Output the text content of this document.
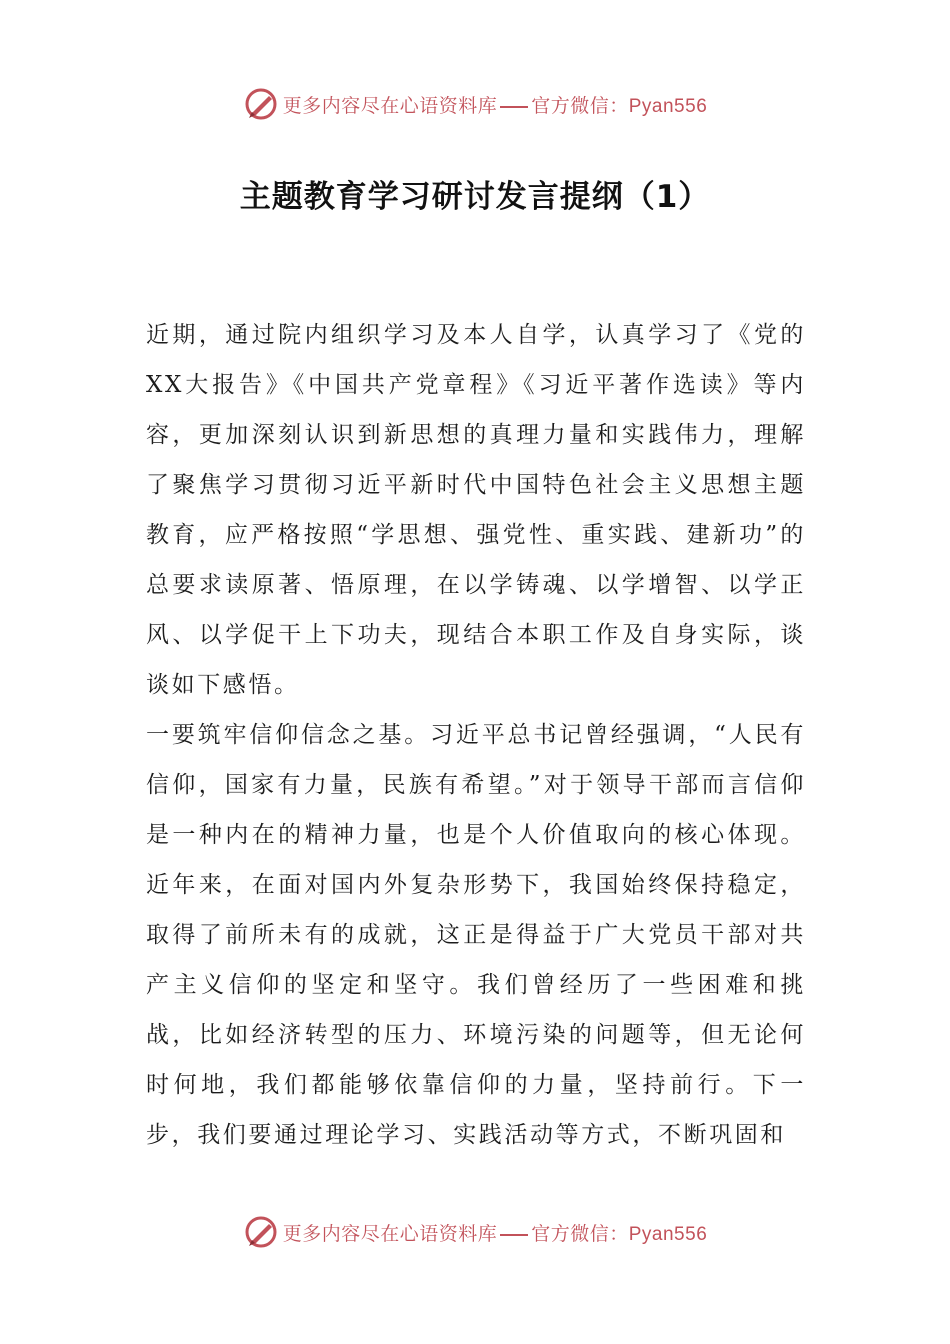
更多内容尽在心语资料库 官方微信：Pyan556
主题教育学习研讨发言提纲（1）

近期，通过院内组织学习及本人自学，认真学习了《党的XX大报告》《中国共产党章程》《习近平著作选读》等内容，更加深刻认识到新思想的真理力量和实践伟力，理解了聚焦学习贯彻习近平新时代中国特色社会主义思想主题教育，应严格按照“学思想、强党性、重实践、建新功”的总要求读原著、悟原理，在以学铸魂、以学增智、以学正风、以学促干上下功夫，现结合本职工作及自身实际，谈谈如下感悟。

一要筑牢信仰信念之基。习近平总书记曾经强调，“人民有信仰，国家有力量，民族有希望。”对于领导干部而言信仰是一种内在的精神力量，也是个人价值取向的核心体现。近年来，在面对国内外复杂形势下，我国始终保持稳定，取得了前所未有的成就，这正是得益于广大党员干部对共产主义信仰的坚定和坚守。我们曾经历了一些困难和挑战，比如经济转型的压力、环境污染的问题等，但无论何时何地，我们都能够依靠信仰的力量，坚持前行。下一步，我们要通过理论学习、实践活动等方式，不断巩固和

更多内容尽在心语资料库 官方微信：Pyan556
